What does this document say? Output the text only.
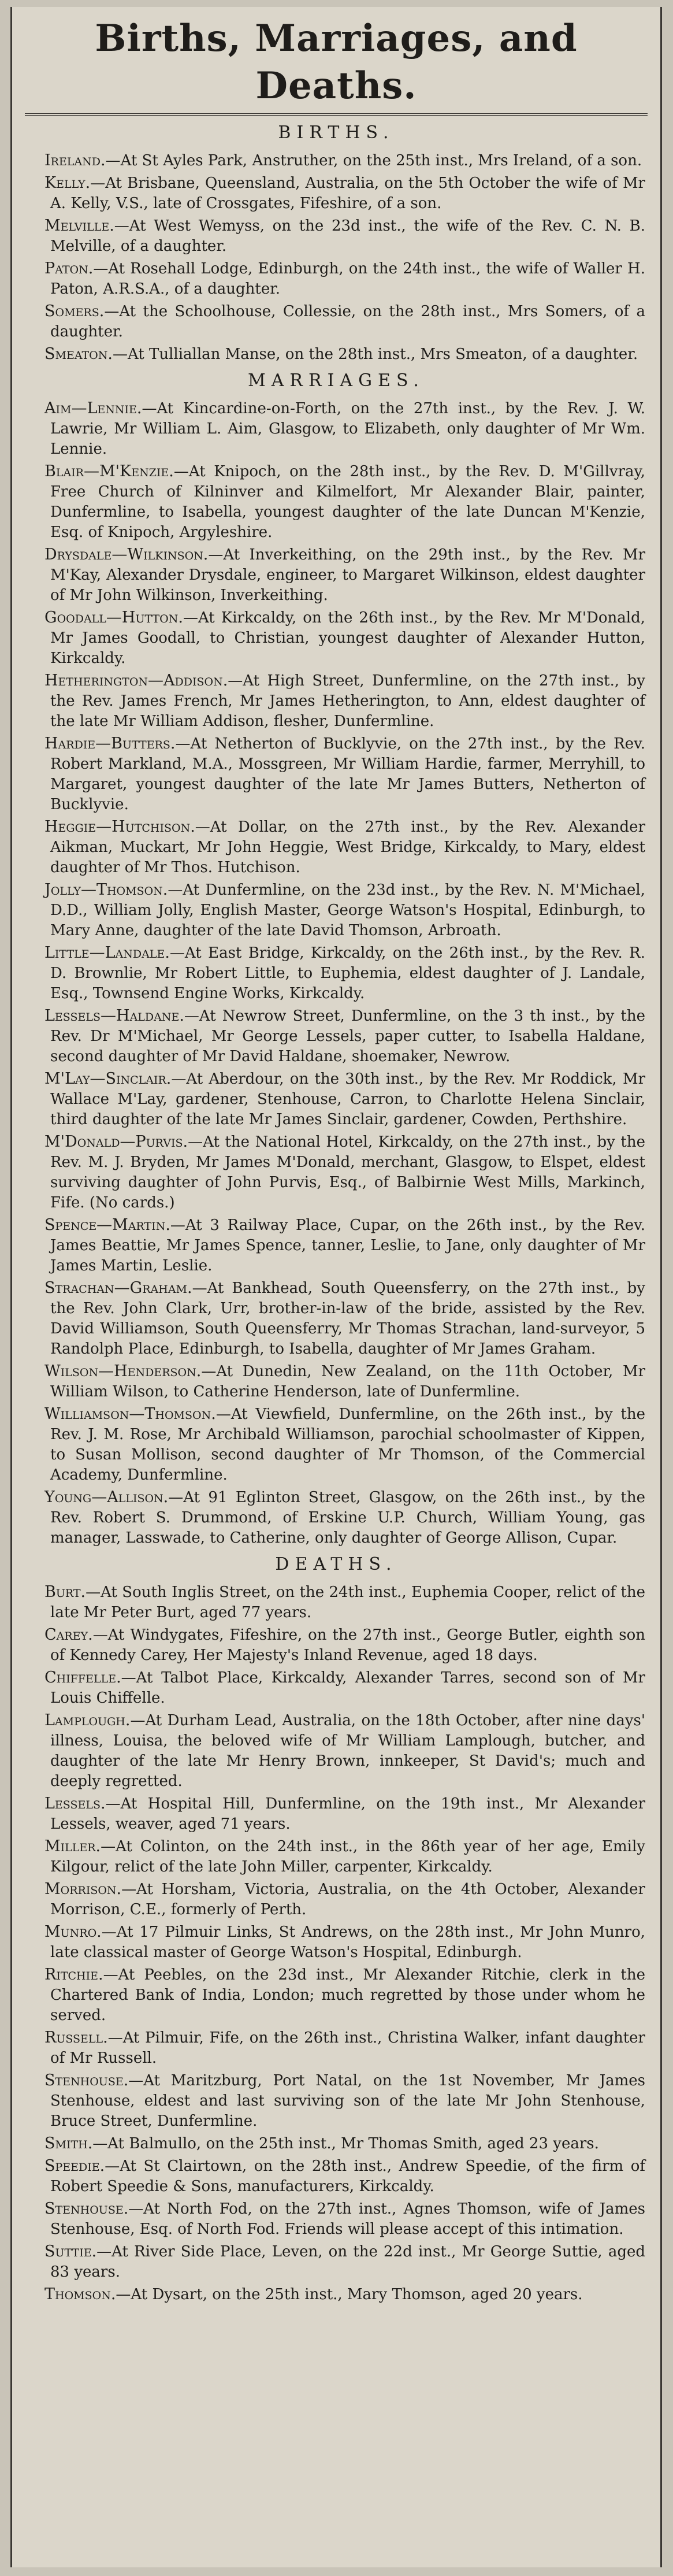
Births, Marriages, and Deaths.
BIRTHS.
Ireland.—At St Ayles Park, Anstruther, on the 25th inst., Mrs Ireland, of a son.
Kelly.—At Brisbane, Queensland, Australia, on the 5th October the wife of Mr A. Kelly, V.S., late of Crossgates, Fifeshire, of a son.
Melville.—At West Wemyss, on the 23d inst., the wife of the Rev. C. N. B. Melville, of a daughter.
Paton.—At Rosehall Lodge, Edinburgh, on the 24th inst., the wife of Waller H. Paton, A.R.S.A., of a daughter.
Somers.—At the Schoolhouse, Collessie, on the 28th inst., Mrs Somers, of a daughter.
Smeaton.—At Tulliallan Manse, on the 28th inst., Mrs Smeaton, of a daughter.
MARRIAGES.
Aim—Lennie.—At Kincardine-on-Forth, on the 27th inst., by the Rev. J. W. Lawrie, Mr William L. Aim, Glasgow, to Elizabeth, only daughter of Mr Wm. Lennie.
Blair—M'Kenzie.—At Knipoch, on the 28th inst., by the Rev. D. M'Gillvray, Free Church of Kilninver and Kilmelfort, Mr Alexander Blair, painter, Dunfermline, to Isabella, youngest daughter of the late Duncan M'Kenzie, Esq. of Knipoch, Argyleshire.
Drysdale—Wilkinson.—At Inverkeithing, on the 29th inst., by the Rev. Mr M'Kay, Alexander Drysdale, engineer, to Margaret Wilkinson, eldest daughter of Mr John Wilkinson, Inverkeithing.
Goodall—Hutton.—At Kirkcaldy, on the 26th inst., by the Rev. Mr M'Donald, Mr James Goodall, to Christian, youngest daughter of Alexander Hutton, Kirkcaldy.
Hetherington—Addison.—At High Street, Dunfermline, on the 27th inst., by the Rev. James French, Mr James Hetherington, to Ann, eldest daughter of the late Mr William Addison, flesher, Dunfermline.
Hardie—Butters.—At Netherton of Bucklyvie, on the 27th inst., by the Rev. Robert Markland, M.A., Mossgreen, Mr William Hardie, farmer, Merryhill, to Margaret, youngest daughter of the late Mr James Butters, Netherton of Bucklyvie.
Heggie—Hutchison.—At Dollar, on the 27th inst., by the Rev. Alexander Aikman, Muckart, Mr John Heggie, West Bridge, Kirkcaldy, to Mary, eldest daughter of Mr Thos. Hutchison.
Jolly—Thomson.—At Dunfermline, on the 23d inst., by the Rev. N. M'Michael, D.D., William Jolly, English Master, George Watson's Hospital, Edinburgh, to Mary Anne, daughter of the late David Thomson, Arbroath.
Little—Landale.—At East Bridge, Kirkcaldy, on the 26th inst., by the Rev. R. D. Brownlie, Mr Robert Little, to Euphemia, eldest daughter of J. Landale, Esq., Townsend Engine Works, Kirkcaldy.
Lessels—Haldane.—At Newrow Street, Dunfermline, on the 3 th inst., by the Rev. Dr M'Michael, Mr George Lessels, paper cutter, to Isabella Haldane, second daughter of Mr David Haldane, shoemaker, Newrow.
M'Lay—Sinclair.—At Aberdour, on the 30th inst., by the Rev. Mr Roddick, Mr Wallace M'Lay, gardener, Stenhouse, Carron, to Charlotte Helena Sinclair, third daughter of the late Mr James Sinclair, gardener, Cowden, Perthshire.
M'Donald—Purvis.—At the National Hotel, Kirkcaldy, on the 27th inst., by the Rev. M. J. Bryden, Mr James M'Donald, merchant, Glasgow, to Elspet, eldest surviving daughter of John Purvis, Esq., of Balbirnie West Mills, Markinch, Fife. (No cards.)
Spence—Martin.—At 3 Railway Place, Cupar, on the 26th inst., by the Rev. James Beattie, Mr James Spence, tanner, Leslie, to Jane, only daughter of Mr James Martin, Leslie.
Strachan—Graham.—At Bankhead, South Queensferry, on the 27th inst., by the Rev. John Clark, Urr, brother-in-law of the bride, assisted by the Rev. David Williamson, South Queensferry, Mr Thomas Strachan, land-surveyor, 5 Randolph Place, Edinburgh, to Isabella, daughter of Mr James Graham.
Wilson—Henderson.—At Dunedin, New Zealand, on the 11th October, Mr William Wilson, to Catherine Henderson, late of Dunfermline.
Williamson—Thomson.—At Viewfield, Dunfermline, on the 26th inst., by the Rev. J. M. Rose, Mr Archibald Williamson, parochial schoolmaster of Kippen, to Susan Mollison, second daughter of Mr Thomson, of the Commercial Academy, Dunfermline.
Young—Allison.—At 91 Eglinton Street, Glasgow, on the 26th inst., by the Rev. Robert S. Drummond, of Erskine U.P. Church, William Young, gas manager, Lasswade, to Catherine, only daughter of George Allison, Cupar.
DEATHS.
Burt.—At South Inglis Street, on the 24th inst., Euphemia Cooper, relict of the late Mr Peter Burt, aged 77 years.
Carey.—At Windygates, Fifeshire, on the 27th inst., George Butler, eighth son of Kennedy Carey, Her Majesty's Inland Revenue, aged 18 days.
Chiffelle.—At Talbot Place, Kirkcaldy, Alexander Tarres, second son of Mr Louis Chiffelle.
Lamplough.—At Durham Lead, Australia, on the 18th October, after nine days' illness, Louisa, the beloved wife of Mr William Lamplough, butcher, and daughter of the late Mr Henry Brown, innkeeper, St David's; much and deeply regretted.
Lessels.—At Hospital Hill, Dunfermline, on the 19th inst., Mr Alexander Lessels, weaver, aged 71 years.
Miller.—At Colinton, on the 24th inst., in the 86th year of her age, Emily Kilgour, relict of the late John Miller, carpenter, Kirkcaldy.
Morrison.—At Horsham, Victoria, Australia, on the 4th October, Alexander Morrison, C.E., formerly of Perth.
Munro.—At 17 Pilmuir Links, St Andrews, on the 28th inst., Mr John Munro, late classical master of George Watson's Hospital, Edinburgh.
Ritchie.—At Peebles, on the 23d inst., Mr Alexander Ritchie, clerk in the Chartered Bank of India, London; much regretted by those under whom he served.
Russell.—At Pilmuir, Fife, on the 26th inst., Christina Walker, infant daughter of Mr Russell.
Stenhouse.—At Maritzburg, Port Natal, on the 1st November, Mr James Stenhouse, eldest and last surviving son of the late Mr John Stenhouse, Bruce Street, Dunfermline.
Smith.—At Balmullo, on the 25th inst., Mr Thomas Smith, aged 23 years.
Speedie.—At St Clairtown, on the 28th inst., Andrew Speedie, of the firm of Robert Speedie & Sons, manufacturers, Kirkcaldy.
Stenhouse.—At North Fod, on the 27th inst., Agnes Thomson, wife of James Stenhouse, Esq. of North Fod. Friends will please accept of this intimation.
Suttie.—At River Side Place, Leven, on the 22d inst., Mr George Suttie, aged 83 years.
Thomson.—At Dysart, on the 25th inst., Mary Thomson, aged 20 years.
